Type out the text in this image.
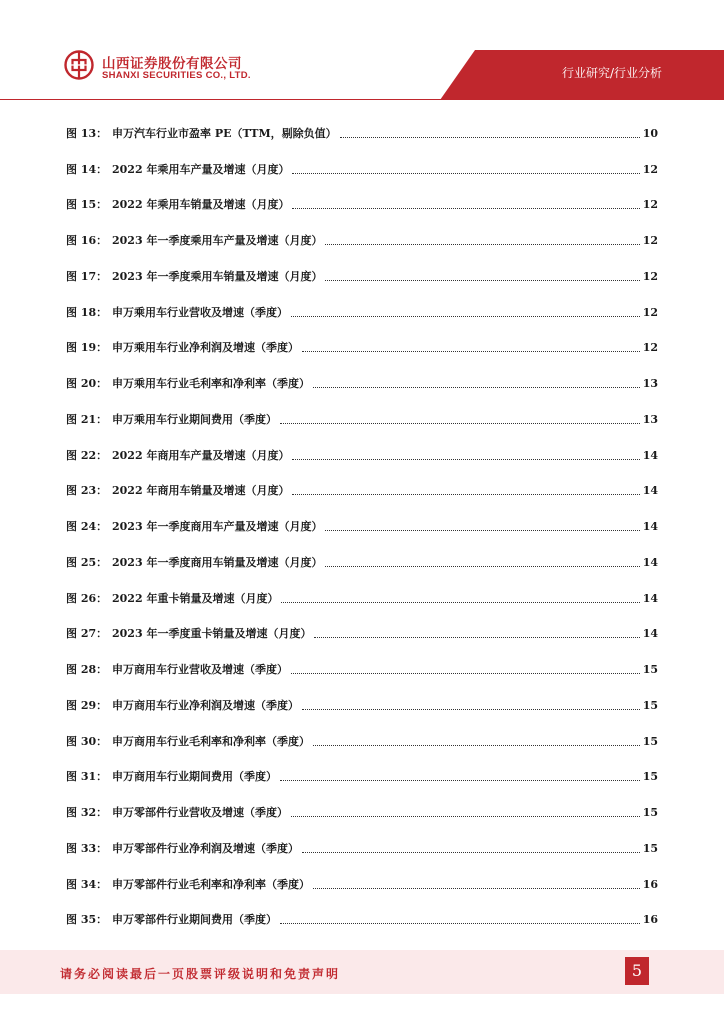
山西证券股份有限公司
SHANXI SECURITIES CO., LTD.	行业研究/行业分析
图 13： 申万汽车行业市盈率 PE（TTM，剔除负值）	10
图 14： 2022 年乘用车产量及增速（月度）	12
图 15： 2022 年乘用车销量及增速（月度）	12
图 16： 2023 年一季度乘用车产量及增速（月度）	12
图 17： 2023 年一季度乘用车销量及增速（月度）	12
图 18： 申万乘用车行业营收及增速（季度）	12
图 19： 申万乘用车行业净利润及增速（季度）	12
图 20： 申万乘用车行业毛利率和净利率（季度）	13
图 21： 申万乘用车行业期间费用（季度）	13
图 22： 2022 年商用车产量及增速（月度）	14
图 23： 2022 年商用车销量及增速（月度）	14
图 24： 2023 年一季度商用车产量及增速（月度）	14
图 25： 2023 年一季度商用车销量及增速（月度）	14
图 26： 2022 年重卡销量及增速（月度）	14
图 27： 2023 年一季度重卡销量及增速（月度）	14
图 28： 申万商用车行业营收及增速（季度）	15
图 29： 申万商用车行业净利润及增速（季度）	15
图 30： 申万商用车行业毛利率和净利率（季度）	15
图 31： 申万商用车行业期间费用（季度）	15
图 32： 申万零部件行业营收及增速（季度）	15
图 33： 申万零部件行业净利润及增速（季度）	15
图 34： 申万零部件行业毛利率和净利率（季度）	16
图 35： 申万零部件行业期间费用（季度）	16
请务必阅读最后一页股票评级说明和免责声明	5
